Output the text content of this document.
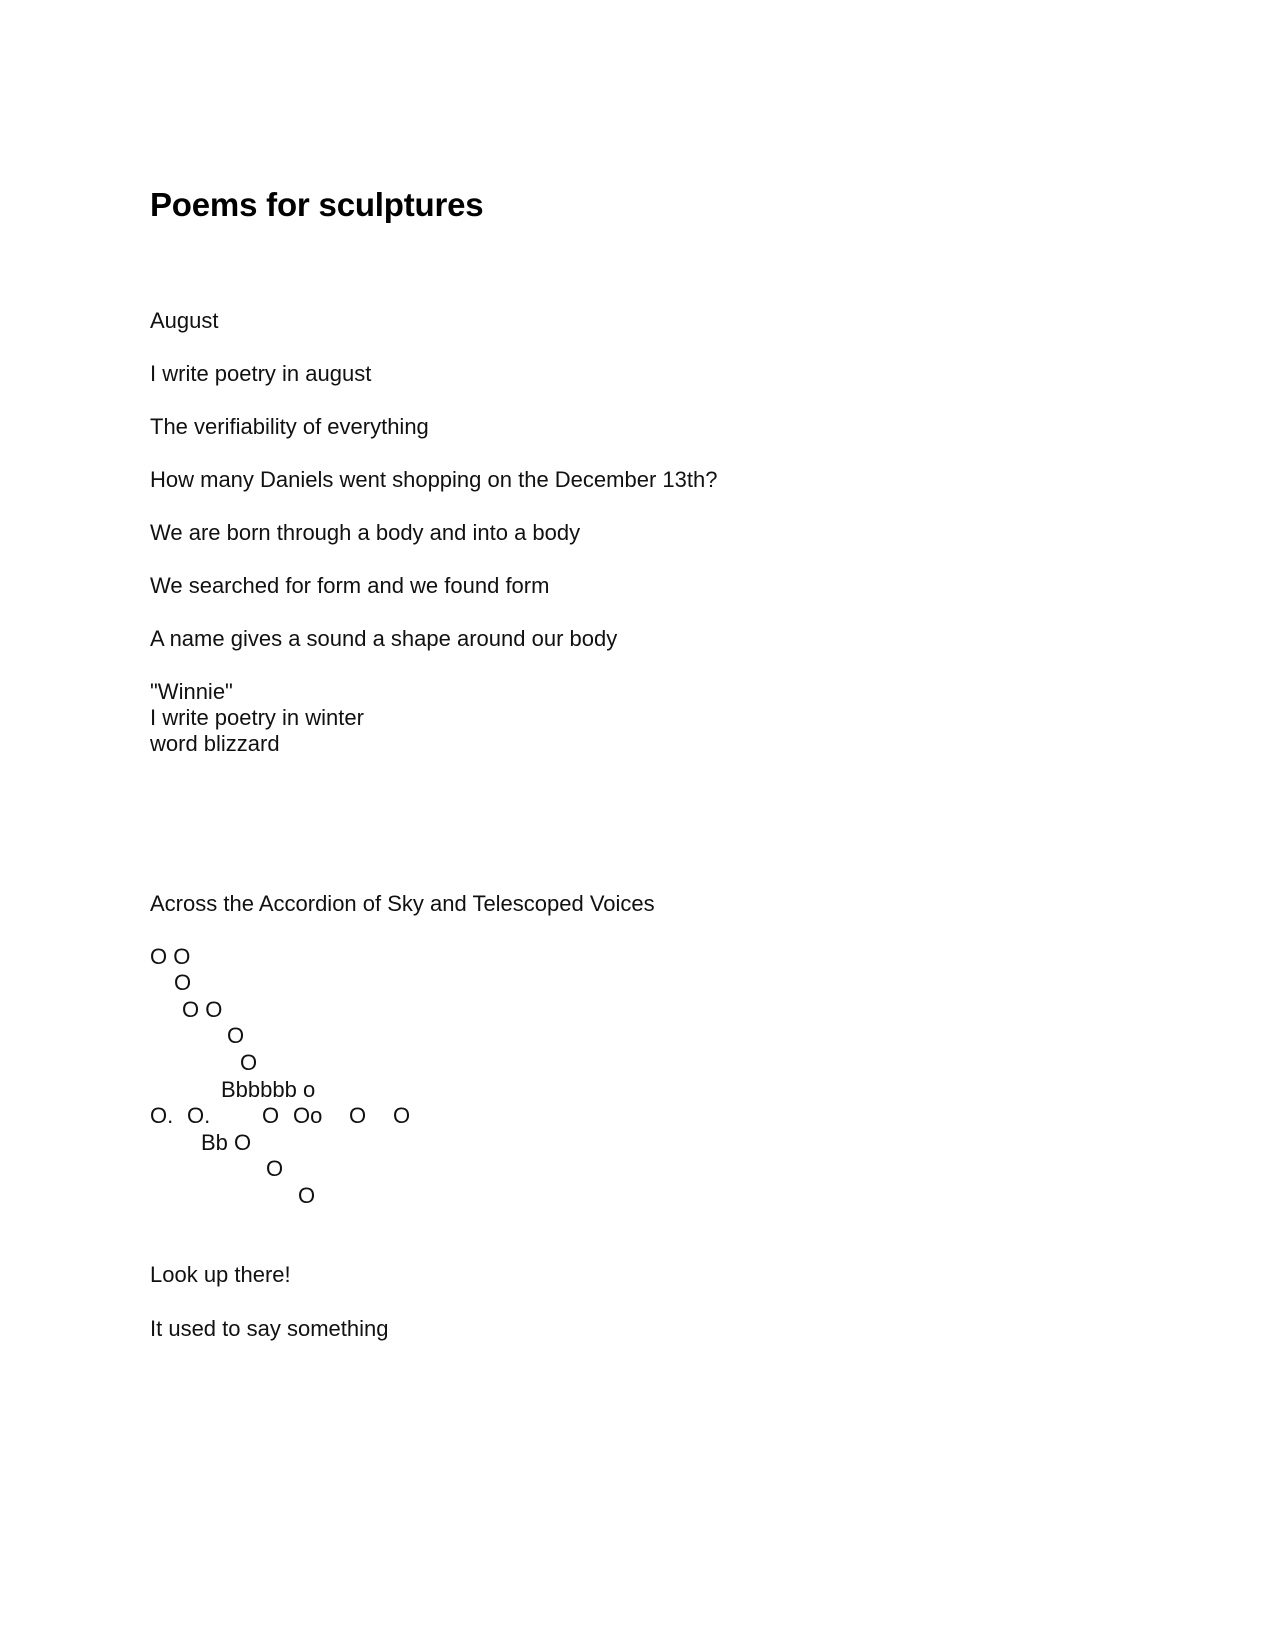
Poems for sculptures

August

I write poetry in august

The verifiability of everything

How many Daniels went shopping on the December 13th?

We are born through a body and into a body

We searched for form and we found form

A name gives a sound a shape around our body

"Winnie"

I write poetry in winter

word blizzard

Across the Accordion of Sky and Telescoped Voices

O O

O

O O

O

O

Bbbbbb o

O. O. O Oo O O

Bb O

O

O

Look up there!

It used to say something
